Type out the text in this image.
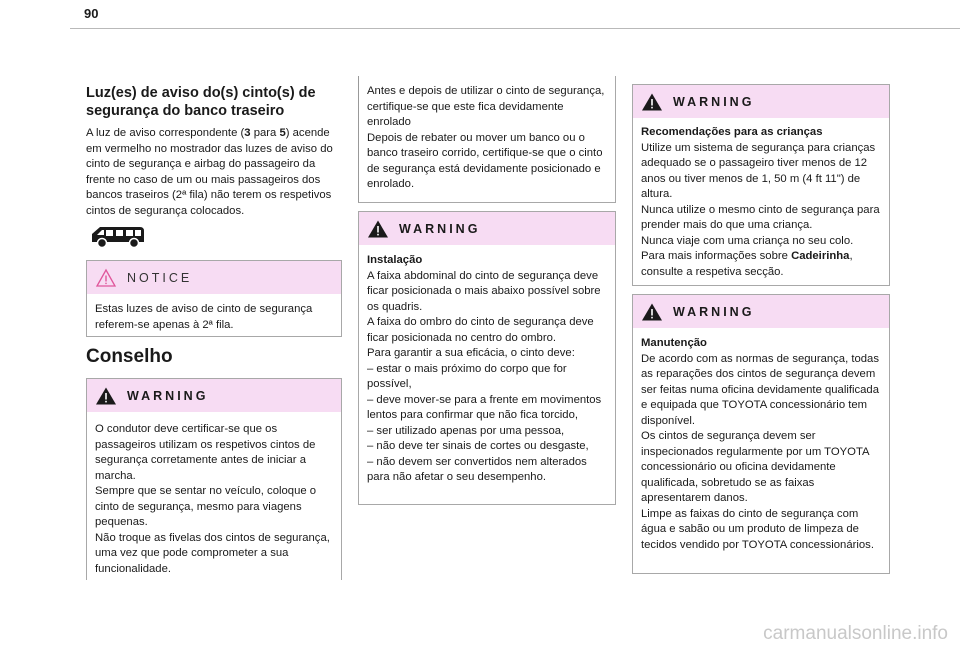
90

Luz(es) de aviso do(s) cinto(s) de segurança do banco traseiro

A luz de aviso correspondente (3 para 5) acende em vermelho no mostrador das luzes de aviso do cinto de segurança e airbag do passageiro da frente no caso de um ou mais passageiros dos bancos traseiros (2ª fila) não terem os respetivos cintos de segurança colocados.

NOTICE
Estas luzes de aviso de cinto de segurança referem-se apenas à 2ª fila.
Conselho
WARNING
O condutor deve certificar-se que os passageiros utilizam os respetivos cintos de segurança corretamente antes de iniciar a marcha.
Sempre que se sentar no veículo, coloque o cinto de segurança, mesmo para viagens pequenas.
Não troque as fivelas dos cintos de segurança, uma vez que pode comprometer a sua funcionalidade.
Antes e depois de utilizar o cinto de segurança, certifique-se que este fica devidamente enrolado
Depois de rebater ou mover um banco ou o banco traseiro corrido, certifique-se que o cinto de segurança está devidamente posicionado e enrolado.
WARNING
Instalação
A faixa abdominal do cinto de segurança deve ficar posicionada o mais abaixo possível sobre os quadris.
A faixa do ombro do cinto de segurança deve ficar posicionada no centro do ombro.
Para garantir a sua eficácia, o cinto deve:
– estar o mais próximo do corpo que for possível,
– deve mover-se para a frente em movimentos lentos para confirmar que não fica torcido,
– ser utilizado apenas por uma pessoa,
– não deve ter sinais de cortes ou desgaste,
– não devem ser convertidos nem alterados para não afetar o seu desempenho.
WARNING
Recomendações para as crianças
Utilize um sistema de segurança para crianças adequado se o passageiro tiver menos de 12 anos ou tiver menos de 1, 50 m (4 ft 11") de altura.
Nunca utilize o mesmo cinto de segurança para prender mais do que uma criança.
Nunca viaje com uma criança no seu colo.
Para mais informações sobre Cadeirinha, consulte a respetiva secção.
WARNING
Manutenção
De acordo com as normas de segurança, todas as reparações dos cintos de segurança devem ser feitas numa oficina devidamente qualificada e equipada que TOYOTA concessionário tem disponível.
Os cintos de segurança devem ser inspecionados regularmente por um TOYOTA concessionário ou oficina devidamente qualificada, sobretudo se as faixas apresentarem danos.
Limpe as faixas do cinto de segurança com água e sabão ou um produto de limpeza de tecidos vendido por TOYOTA concessionários.
carmanualsonline.info
